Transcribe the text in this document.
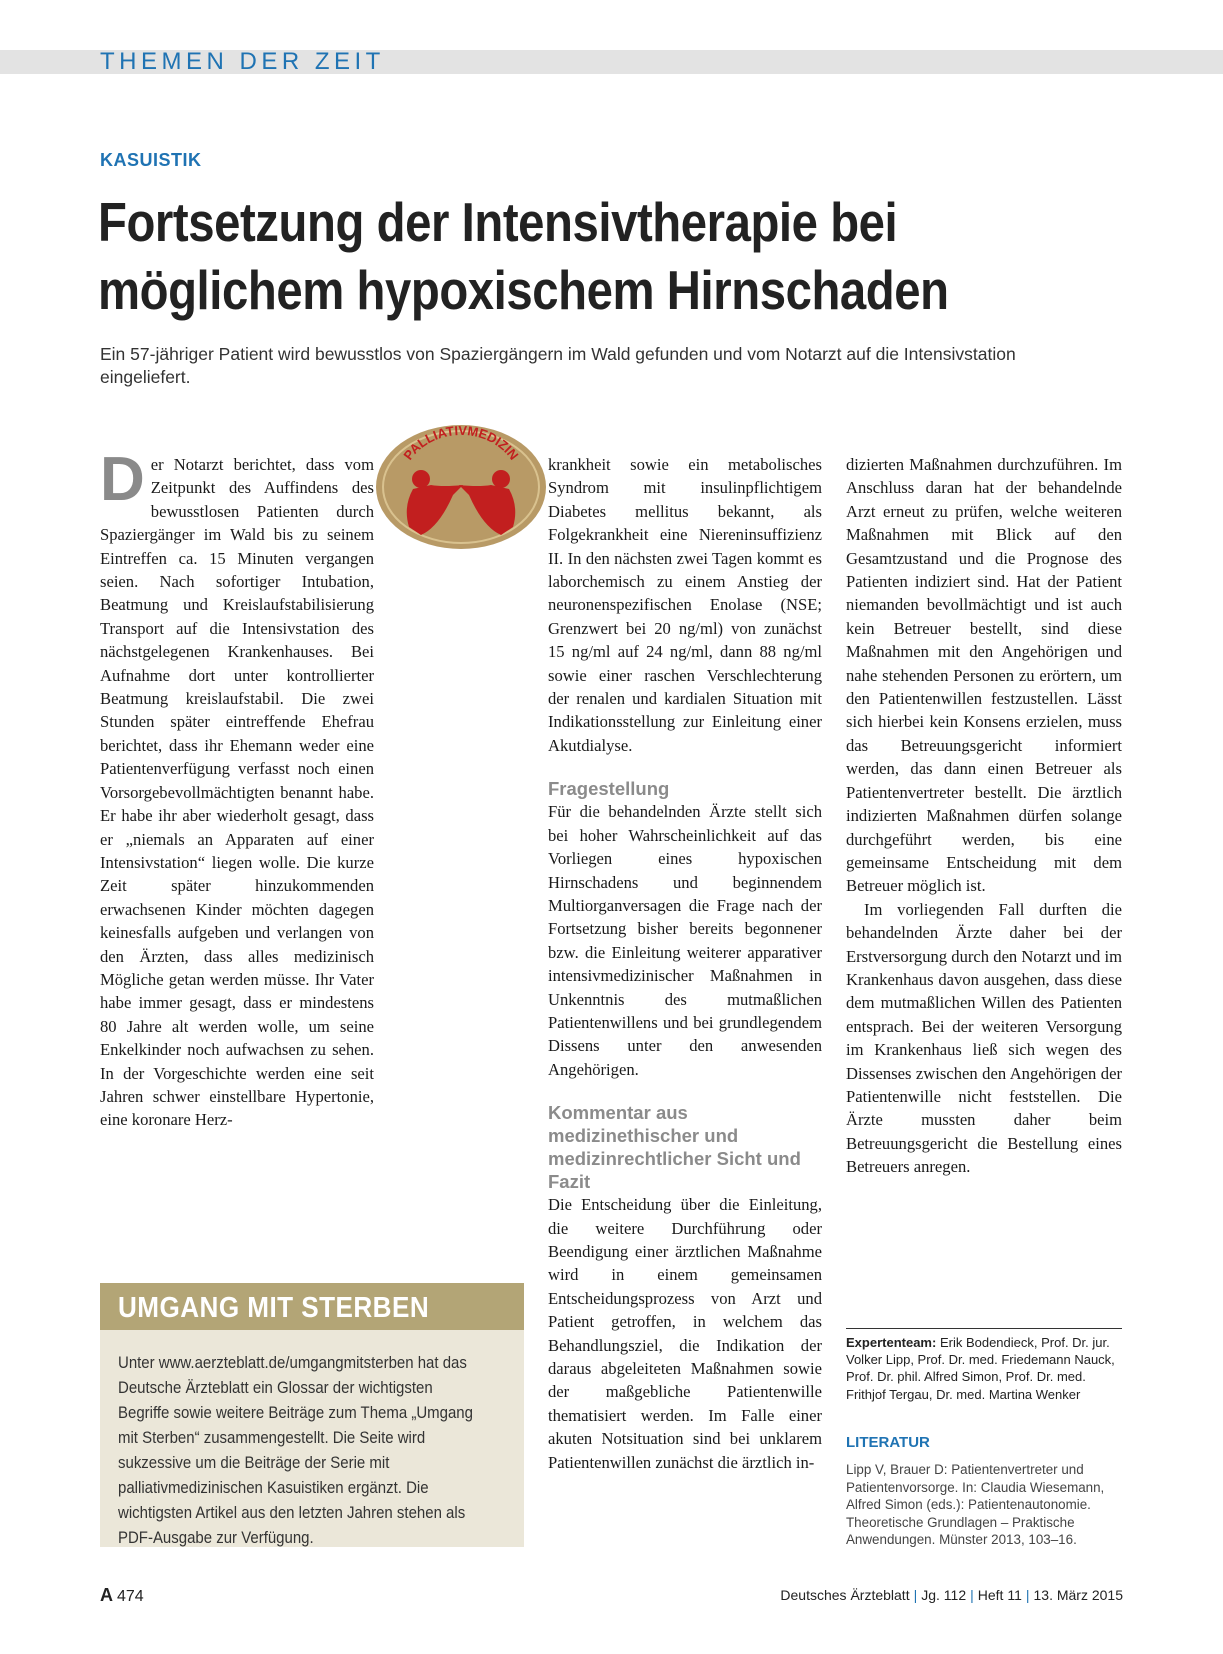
THEMEN DER ZEIT
KASUISTIK
Fortsetzung der Intensivtherapie bei möglichem hypoxischem Hirnschaden

Ein 57-jähriger Patient wird bewusstlos von Spaziergängern im Wald gefunden und vom Notarzt auf die Intensivstation eingeliefert.

Der Notarzt berichtet, dass vom Zeitpunkt des Auffindens des bewusstlosen Patienten durch Spaziergänger im Wald bis zu seinem Eintreffen ca. 15 Minuten vergangen seien. Nach sofortiger Intubation, Beatmung und Kreislaufstabilisierung Transport auf die Intensivstation des nächstgelegenen Krankenhauses. Bei Aufnahme dort unter kontrollierter Beatmung kreislaufstabil. Die zwei Stunden später eintreffende Ehefrau berichtet, dass ihr Ehemann weder eine Patientenverfügung verfasst noch einen Vorsorgebevollmächtigten benannt habe. Er habe ihr aber wiederholt gesagt, dass er „niemals an Apparaten auf einer Intensivstation“ liegen wolle. Die kurze Zeit später hinzukommenden erwachsenen Kinder möchten dagegen keinesfalls aufgeben und verlangen von den Ärzten, dass alles medizinisch Mögliche getan werden müsse. Ihr Vater habe immer gesagt, dass er mindestens 80 Jahre alt werden wolle, um seine Enkelkinder noch aufwachsen zu sehen. In der Vorgeschichte werden eine seit Jahren schwer einstellbare Hypertonie, eine koronare Herz-

PALLIATIVMEDIZIN

krankheit sowie ein metabolisches Syndrom mit insulinpflichtigem Diabetes mellitus bekannt, als Folgekrankheit eine Niereninsuffizienz II. In den nächsten zwei Tagen kommt es laborchemisch zu einem Anstieg der neuronenspezifischen Enolase (NSE; Grenzwert bei 20 ng/ml) von zunächst 15 ng/ml auf 24 ng/ml, dann 88 ng/ml sowie einer raschen Verschlechterung der renalen und kardialen Situation mit Indikationsstellung zur Einleitung einer Akutdialyse.

Fragestellung

Für die behandelnden Ärzte stellt sich bei hoher Wahrscheinlichkeit auf das Vorliegen eines hypoxischen Hirnschadens und beginnendem Multiorganversagen die Frage nach der Fortsetzung bisher bereits begonnener bzw. die Einleitung weiterer apparativer intensivmedizinischer Maßnahmen in Unkenntnis des mutmaßlichen Patientenwillens und bei grundlegendem Dissens unter den anwesenden Angehörigen.

Kommentar aus medizinethischer und medizinrechtlicher Sicht und Fazit

Die Entscheidung über die Einleitung, die weitere Durchführung oder Beendigung einer ärztlichen Maßnahme wird in einem gemeinsamen Entscheidungsprozess von Arzt und Patient getroffen, in welchem das Behandlungsziel, die Indikation der daraus abgeleiteten Maßnahmen sowie der maßgebliche Patientenwille thematisiert werden. Im Falle einer akuten Notsituation sind bei unklarem Patientenwillen zunächst die ärztlich in-

dizierten Maßnahmen durchzuführen. Im Anschluss daran hat der behandelnde Arzt erneut zu prüfen, welche weiteren Maßnahmen mit Blick auf den Gesamtzustand und die Prognose des Patienten indiziert sind. Hat der Patient niemanden bevollmächtigt und ist auch kein Betreuer bestellt, sind diese Maßnahmen mit den Angehörigen und nahe stehenden Personen zu erörtern, um den Patientenwillen festzustellen. Lässt sich hierbei kein Konsens erzielen, muss das Betreuungsgericht informiert werden, das dann einen Betreuer als Patientenvertreter bestellt. Die ärztlich indizierten Maßnahmen dürfen solange durchgeführt werden, bis eine gemeinsame Entscheidung mit dem Betreuer möglich ist.

Im vorliegenden Fall durften die behandelnden Ärzte daher bei der Erstversorgung durch den Notarzt und im Krankenhaus davon ausgehen, dass diese dem mutmaßlichen Willen des Patienten entsprach. Bei der weiteren Versorgung im Krankenhaus ließ sich wegen des Dissenses zwischen den Angehörigen der Patientenwille nicht feststellen. Die Ärzte mussten daher beim Betreuungsgericht die Bestellung eines Betreuers anregen.

UMGANG MIT STERBEN

Unter www.aerzteblatt.de/umgangmitsterben hat das Deutsche Ärzteblatt ein Glossar der wichtigsten Begriffe sowie weitere Beiträge zum Thema „Umgang mit Sterben“ zusammengestellt. Die Seite wird sukzessive um die Beiträge der Serie mit palliativmedizinischen Kasuistiken ergänzt. Die wichtigsten Artikel aus den letzten Jahren stehen als PDF-Ausgabe zur Verfügung.

Expertenteam: Erik Bodendieck, Prof. Dr. jur. Volker Lipp, Prof. Dr. med. Friedemann Nauck, Prof. Dr. phil. Alfred Simon, Prof. Dr. med. Frithjof Tergau, Dr. med. Martina Wenker
LITERATUR

Lipp V, Brauer D: Patientenvertreter und Patientenvorsorge. In: Claudia Wiesemann, Alfred Simon (eds.): Patientenautonomie. Theoretische Grundlagen – Praktische Anwendungen. Münster 2013, 103–16.

A 474	Deutsches Ärzteblatt | Jg. 112 | Heft 11 | 13. März 2015
